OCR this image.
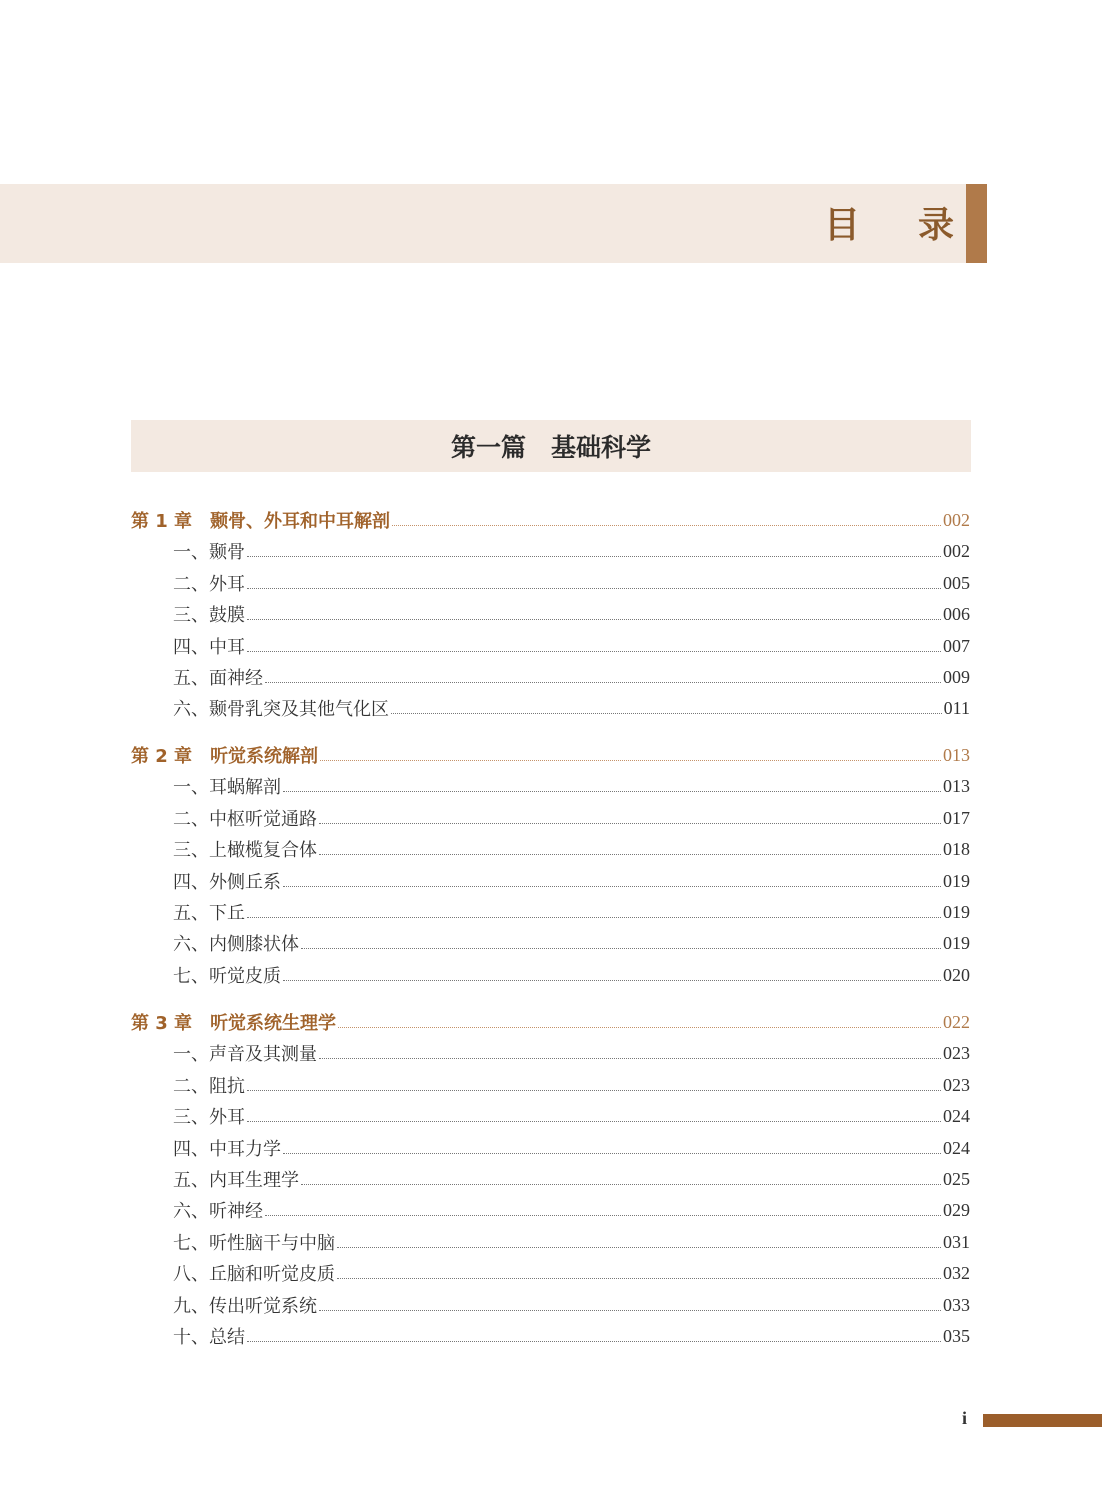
目 录
第一篇　基础科学
第 1 章 颞骨、外耳和中耳解剖	002
一、颞骨	002
二、外耳	005
三、鼓膜	006
四、中耳	007
五、面神经	009
六、颞骨乳突及其他气化区	011
第 2 章 听觉系统解剖	013
一、耳蜗解剖	013
二、中枢听觉通路	017
三、上橄榄复合体	018
四、外侧丘系	019
五、下丘	019
六、内侧膝状体	019
七、听觉皮质	020
第 3 章 听觉系统生理学	022
一、声音及其测量	023
二、阻抗	023
三、外耳	024
四、中耳力学	024
五、内耳生理学	025
六、听神经	029
七、听性脑干与中脑	031
八、丘脑和听觉皮质	032
九、传出听觉系统	033
十、总结	035
i
